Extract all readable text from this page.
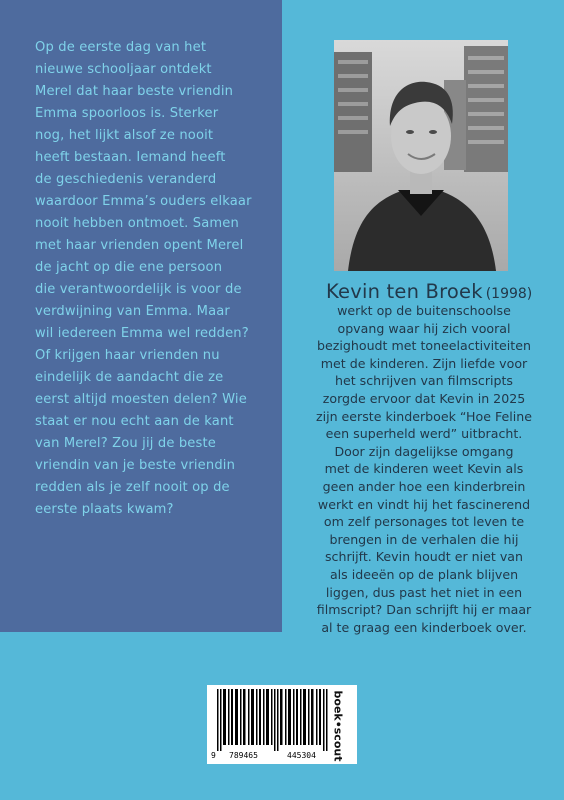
Op de eerste dag van het
nieuwe schooljaar ontdekt
Merel dat haar beste vriendin
Emma spoorloos is. Sterker
nog, het lijkt alsof ze nooit
heeft bestaan. Iemand heeft
de geschiedenis veranderd
waardoor Emma’s ouders elkaar
nooit hebben ontmoet. Samen
met haar vrienden opent Merel
de jacht op die ene persoon
die verantwoordelijk is voor de
verdwijning van Emma. Maar
wil iedereen Emma wel redden?
Of krijgen haar vrienden nu
eindelijk de aandacht die ze
eerst altijd moesten delen? Wie
staat er nou echt aan de kant
van Merel? Zou jij de beste
vriendin van je beste vriendin
redden als je zelf nooit op de
eerste plaats kwam?

Kevin ten Broek (1998)

werkt op de buitenschoolse
opvang waar hij zich vooral
bezighoudt met toneelactiviteiten
met de kinderen. Zijn liefde voor
het schrijven van filmscripts
zorgde ervoor dat Kevin in 2025
zijn eerste kinderboek “Hoe Feline
een superheld werd” uitbracht.
Door zijn dagelijkse omgang
met de kinderen weet Kevin als
geen ander hoe een kinderbrein
werkt en vindt hij het fascinerend
om zelf personages tot leven te
brengen in de verhalen die hij
schrijft. Kevin houdt er niet van
als ideeën op de plank blijven
liggen, dus past het niet in een
filmscript? Dan schrijft hij er maar
al te graag een kinderboek over.

9 789465	445304 boek•scout
